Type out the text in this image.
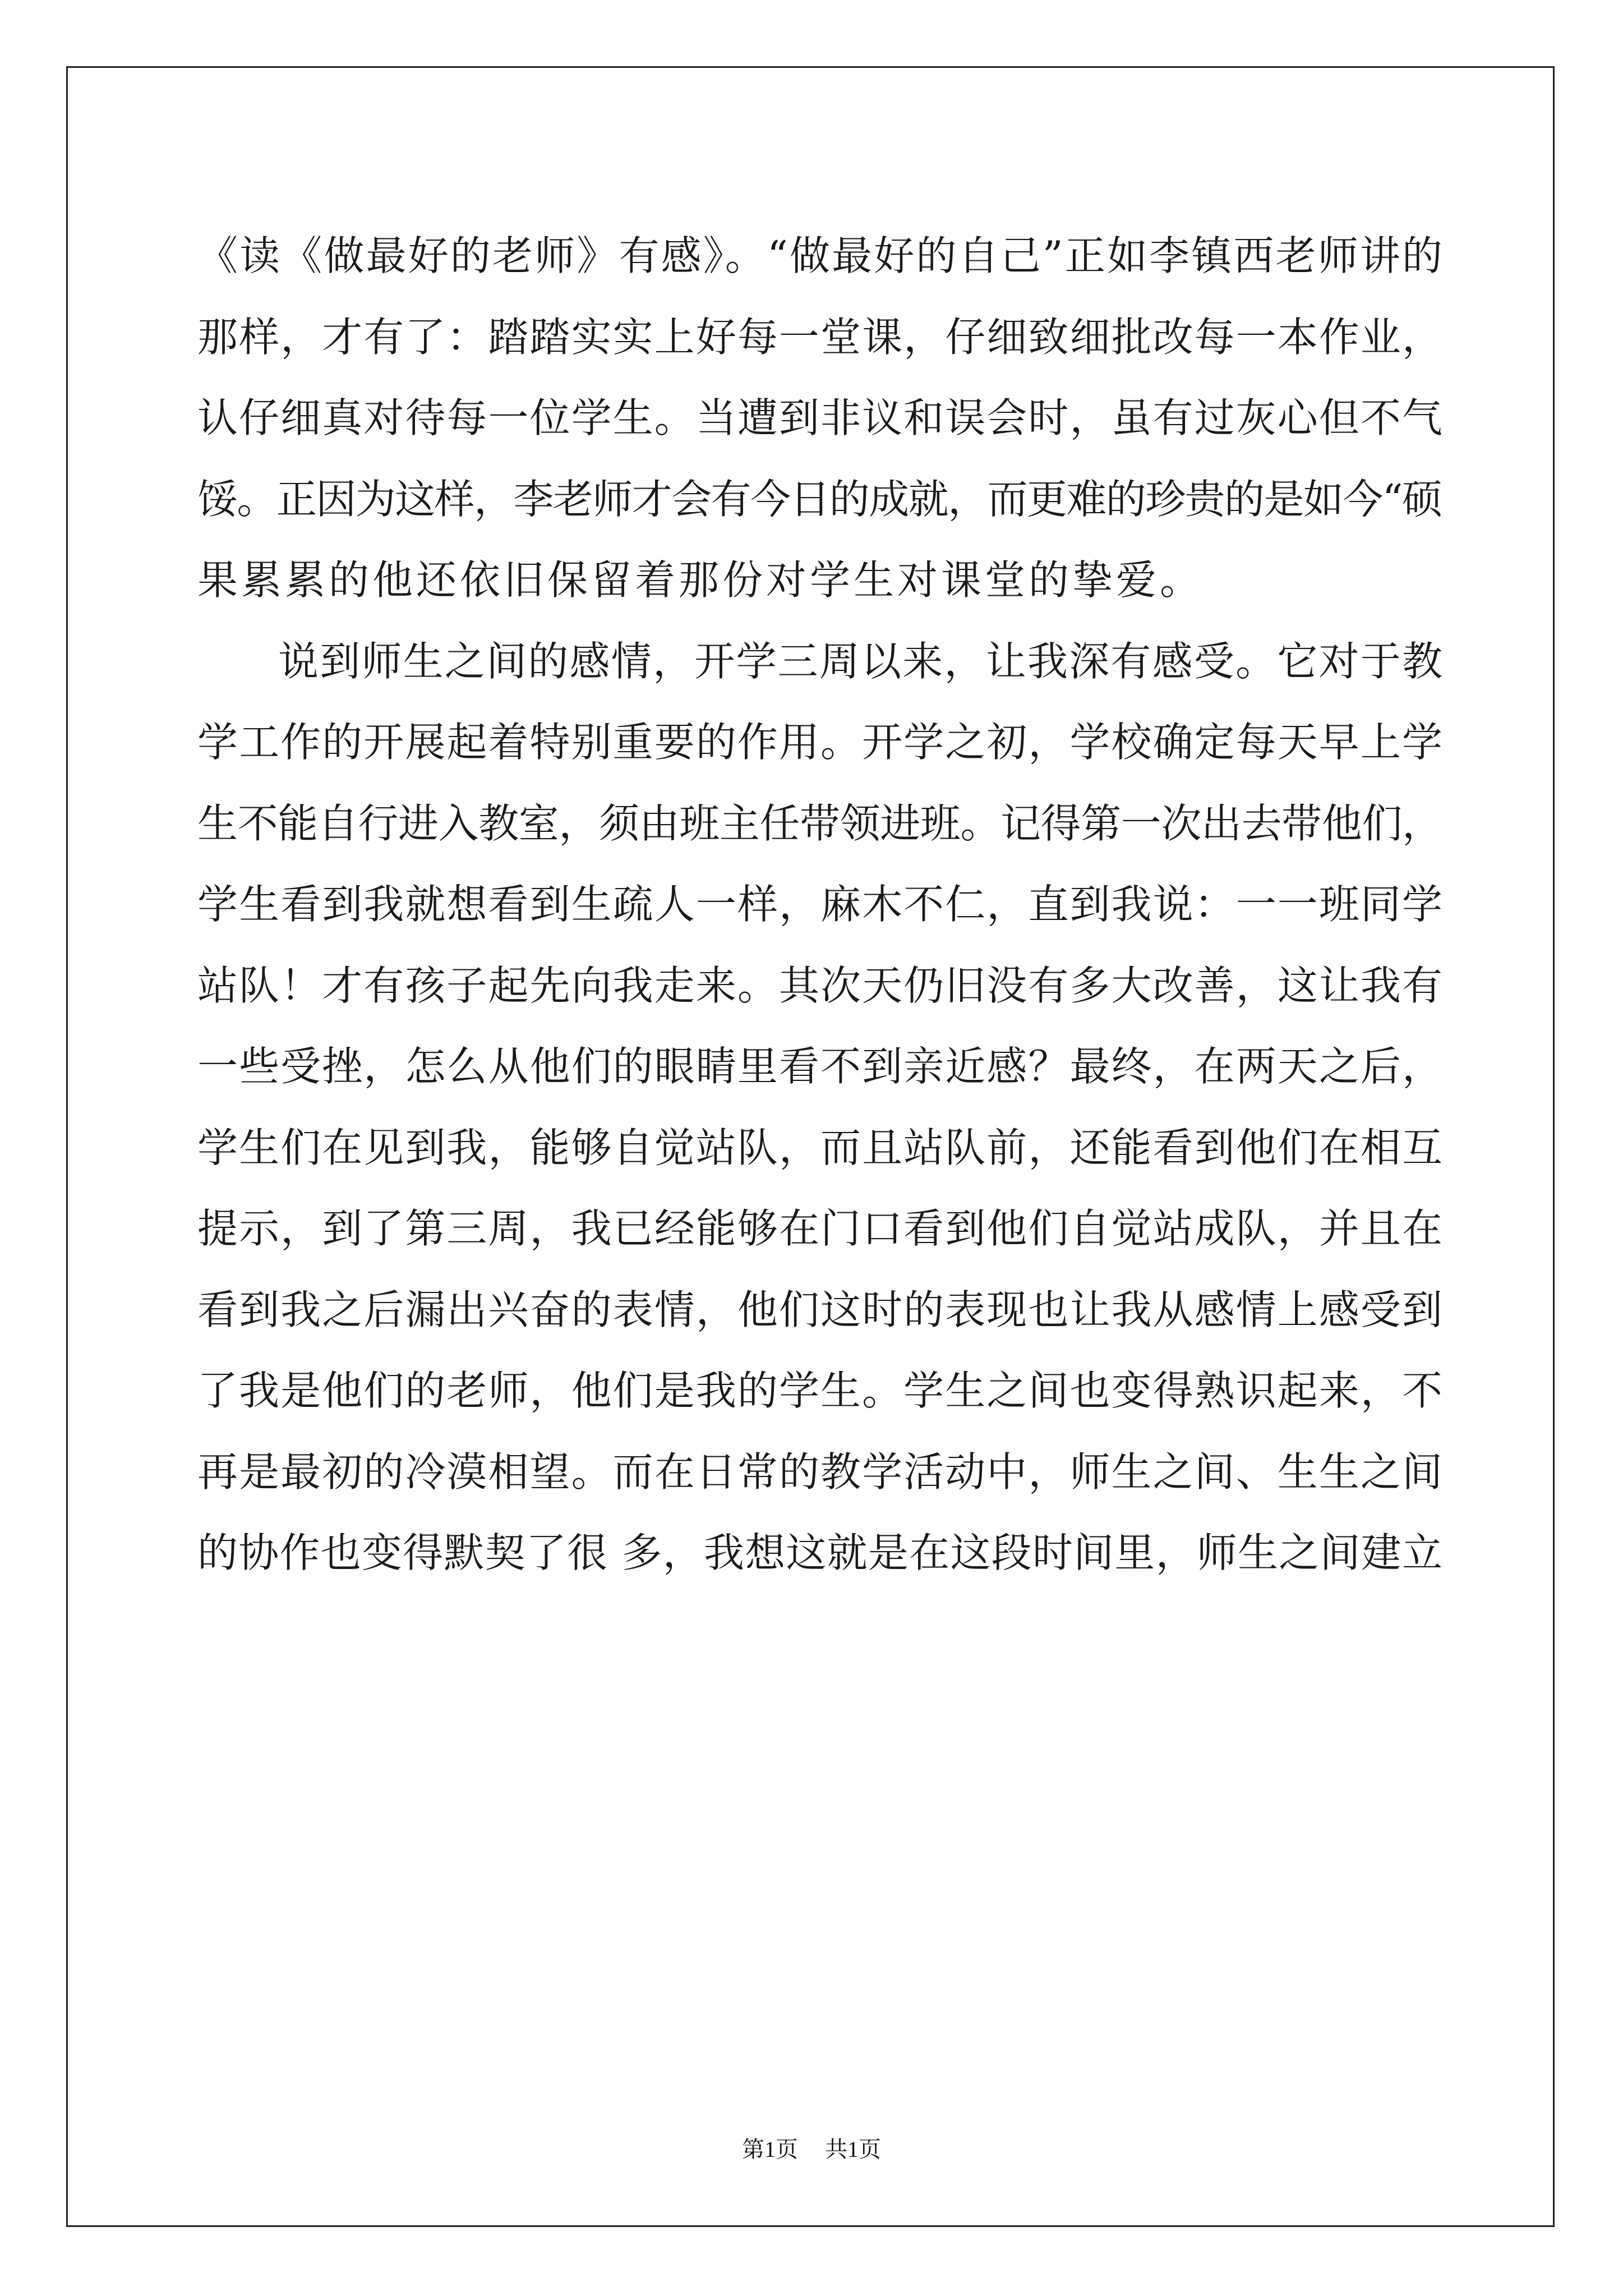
《读《做最好的老师》有感》。“做最好的自己”正如李镇西老师讲的
那样，才有了：踏踏实实上好每一堂课，仔细致细批改每一本作业，
认仔细真对待每一位学生。当遭到非议和误会时，虽有过灰心但不气
馁。正因为这样，李老师才会有今日的成就，而更难的珍贵的是如今“硕
果累累的他还依旧保留着那份对学生对课堂的挚爱。
说到师生之间的感情，开学三周以来，让我深有感受。它对于教
学工作的开展起着特别重要的作用。开学之初，学校确定每天早上学
生不能自行进入教室，须由班主任带领进班。记得第一次出去带他们，
学生看到我就想看到生疏人一样，麻木不仁，直到我说：一一班同学
站队！才有孩子起先向我走来。其次天仍旧没有多大改善，这让我有
一些受挫，怎么从他们的眼睛里看不到亲近感？最终，在两天之后，
学生们在见到我，能够自觉站队，而且站队前，还能看到他们在相互
提示，到了第三周，我已经能够在门口看到他们自觉站成队，并且在
看到我之后漏出兴奋的表情，他们这时的表现也让我从感情上感受到
了我是他们的老师，他们是我的学生。学生之间也变得熟识起来，不
再是最初的冷漠相望。而在日常的教学活动中，师生之间、生生之间
的协作也变得默契了很 多，我想这就是在这段时间里，师生之间建立
第1页 共1页
